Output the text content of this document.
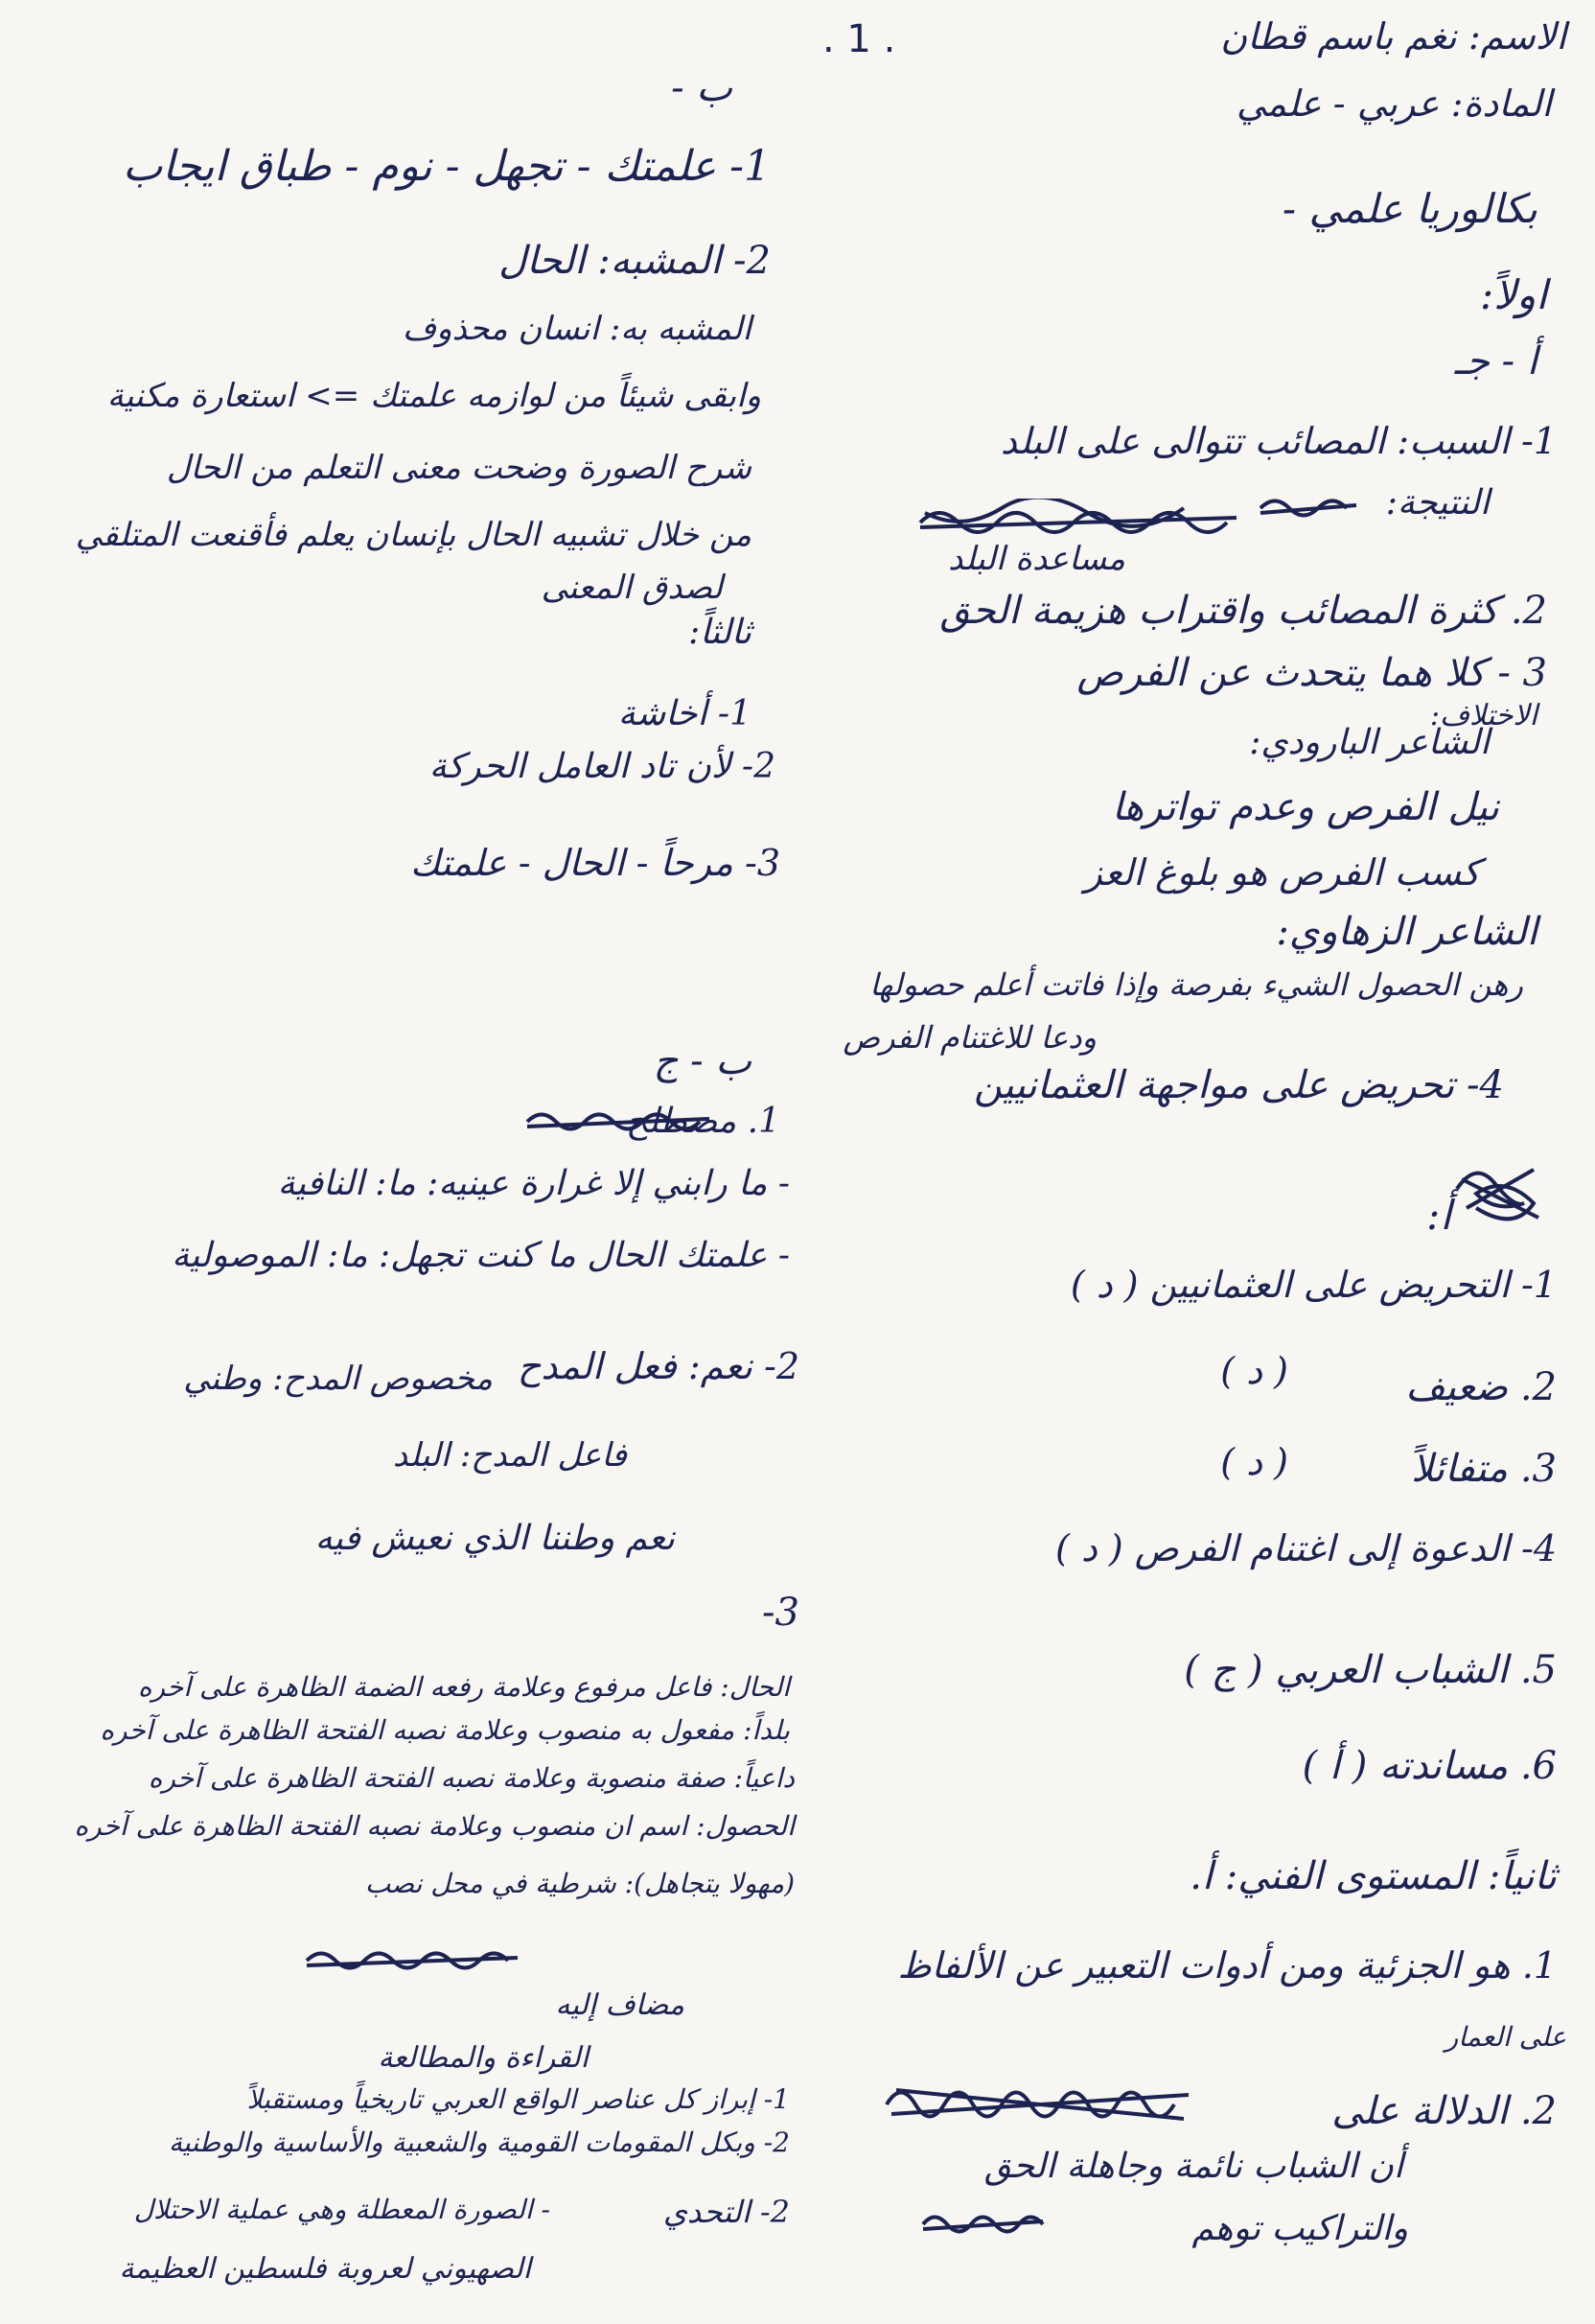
. 1 .	الاسم: نغم باسم قطان
المادة: عربي - علمي
بكالوريا علمي -
اولاً:
أ - جـ
1- السبب: المصائب تتوالى على البلد
النتيجة:
مساعدة البلد
2. كثرة المصائب واقتراب هزيمة الحق
3 - كلا هما يتحدث عن الفرص
الاختلاف:
الشاعر البارودي:
نيل الفرص وعدم تواترها
كسب الفرص هو بلوغ العز
الشاعر الزهاوي:
رهن الحصول الشيء بفرصة وإذا فاتت أعلم حصولها
ودعا للاغتنام الفرص
4- تحريض على مواجهة العثمانيين
أ:
1- التحريض على العثمانيين ( د )
2. ضعيف
( د )
3. متفائلاً
( د )
4- الدعوة إلى اغتنام الفرص ( د )
5. الشباب العربي ( ج )
6. مساندته ( أ )
ثانياً: المستوى الفني: أ.
1. هو الجزئية ومن أدوات التعبير عن الألفاظ
على العمار
2. الدلالة على
أن الشباب نائمة وجاهلة الحق
والتراكيب توهم
ب -
1- علمتك - تجهل - نوم - طباق ايجاب
2- المشبه: الحال
المشبه به: انسان محذوف
وابقى شيئاً من لوازمه علمتك => استعارة مكنية
شرح الصورة وضحت معنى التعلم من الحال
من خلال تشبيه الحال بإنسان يعلم فأقنعت المتلقي
لصدق المعنى
ثالثاً:
1- أخاشة
2- لأن تاد العامل الحركة
3- مرحاً - الحال - علمتك
ب - ج
1. مصطلح
- ما رابني إلا غرارة عينيه: ما: النافية
- علمتك الحال ما كنت تجهل: ما: الموصولية
2- نعم: فعل المدح
مخصوص المدح: وطني
فاعل المدح: البلد
نعم وطننا الذي نعيش فيه
3-
الحال: فاعل مرفوع وعلامة رفعه الضمة الظاهرة على آخره
بلداً: مفعول به منصوب وعلامة نصبه الفتحة الظاهرة على آخره
داعياً: صفة منصوبة وعلامة نصبه الفتحة الظاهرة على آخره
الحصول: اسم ان منصوب وعلامة نصبه الفتحة الظاهرة على آخره
(مهولا يتجاهل): شرطية في محل نصب
مضاف إليه
القراءة والمطالعة
1- إبراز كل عناصر الواقع العربي تاريخياً ومستقبلاً
2- وبكل المقومات القومية والشعبية والأساسية والوطنية
2- التحدي
- الصورة المعطلة وهي عملية الاحتلال
الصهيوني لعروبة فلسطين العظيمة
